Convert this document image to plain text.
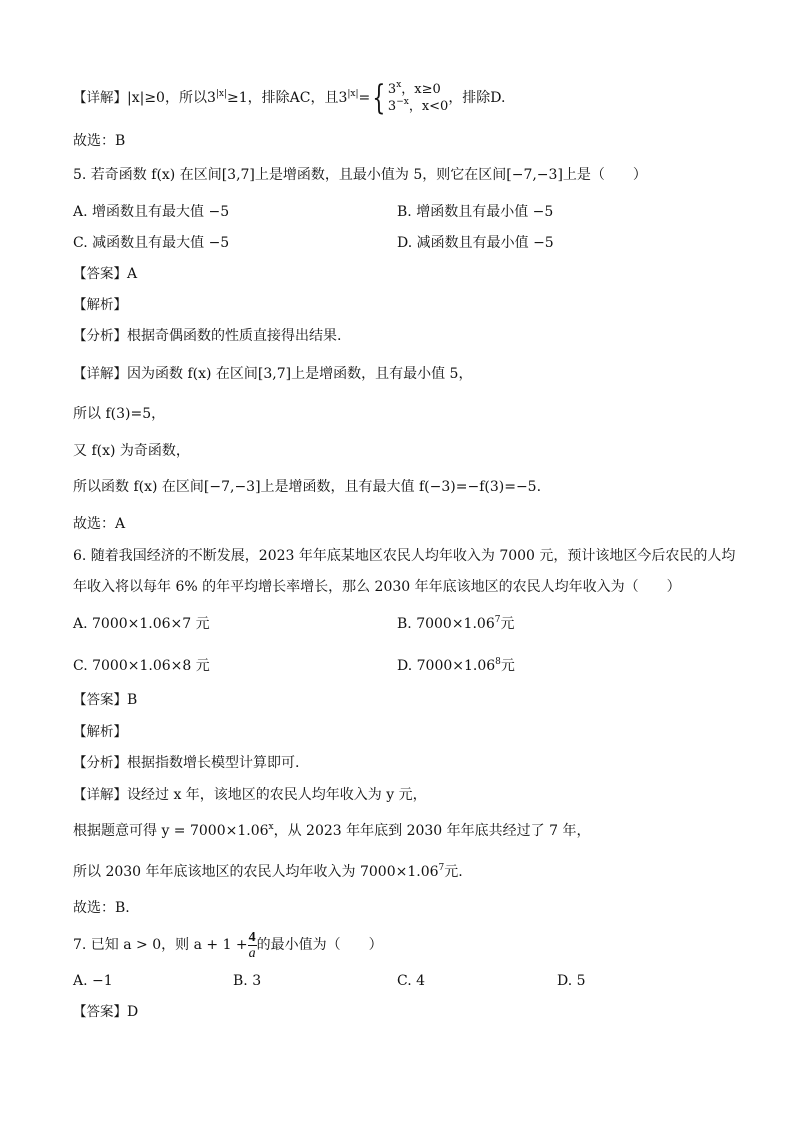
【详解】|x|≥0，所以$3^{|x|}\ge 1$，排除AC，且$3^{|x|}=${ 3$^x$，x≥0
$3^{-x}$，x<0
，排除D.
故选：B
5. 若奇函数 f(x) 在区间[3,7]上是增函数，且最小值为 5，则它在区间[−7,−3]上是（　　）
A. 增函数且有最大值 −5	B. 增函数且有最小值 −5
C. 减函数且有最大值 −5	D. 减函数且有最小值 −5
【答案】A
【解析】
【分析】根据奇偶函数的性质直接得出结果.
【详解】因为函数 f(x) 在区间[3,7]上是增函数，且有最小值 5，
所以 f(3)=5，
又 f(x) 为奇函数，
所以函数 f(x) 在区间[−7,−3]上是增函数，且有最大值 f(−3)=−f(3)=−5.
故选：A
6. 随着我国经济的不断发展，2023 年年底某地区农民人均年收入为 7000 元，预计该地区今后农民的人均
年收入将以每年 6% 的年平均增长率增长，那么 2030 年年底该地区的农民人均年收入为（　　）
A. 7000×1.06×7 元	B. $7000\times 1.06^7$元
C. 7000×1.06×8 元	D. $7000\times 1.06^8$元
【答案】B
【解析】
【分析】根据指数增长模型计算即可.
【详解】设经过 x 年，该地区的农民人均年收入为 y 元，
根据题意可得 $y = 7000\times 1.06^x$，从 2023 年年底到 2030 年年底共经过了 7 年，
所以 2030 年年底该地区的农民人均年收入为 $7000\times 1.06^7$元.
故选：B.
7. 已知 a > 0，则 $a + 1 + \frac{4}{a}$ 的最小值为（　　）
A. −1	B. 3	C. 4	D. 5
【答案】D
